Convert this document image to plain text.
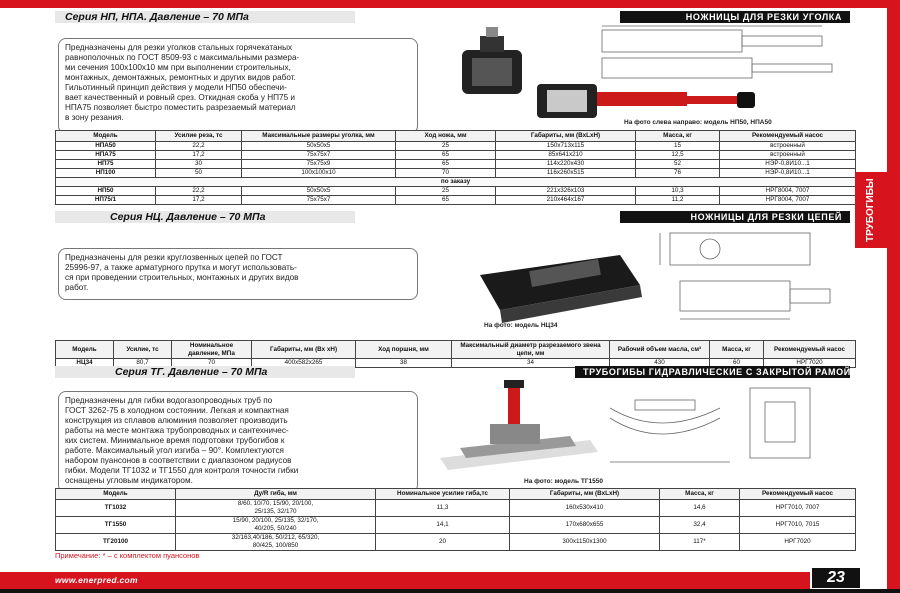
Серия НП, НПА. Давление – 70 МПа	НОЖНИЦЫ ДЛЯ РЕЗКИ УГОЛКА
Предназначены для резки уголков стальных горячекатаных
равнополочных по ГОСТ 8509-93 с максимальными размера-
ми сечения 100х100х10 мм при выполнении строительных,
монтажных, демонтажных, ремонтных и других видов работ.
Гильотинный принцип действия у модели НП50 обеспечи-
вает качественный и ровный срез. Откидная скоба у НП75 и
НПА75 позволяет быстро поместить разрезаемый материал
в зону резания.
На фото слева направо: модель НП50, НПА50
Модель	Усилие реза, тс	Максимальные размеры уголка, мм	Ход ножа, мм	Габариты, мм (ВхLхН)	Масса, кг	Рекомендуемый насос
НПА50	22,2	50х50х5	25	150х713х115	15	встроенный
НПА75	17,2	75х75х7	65	85х641х210	12,5	встроенный
НП75	30	75х75х9	65	114х220х430	52	НЭР-0,8И10...1
НП100	50	100х100х10	70	116х260х515	76	НЭР-0,8И10...1
по заказу						
НП50	22,2	50х50х5	25	221х326х103	10,3	НРГ8004, 7007
НП75/1	17,2	75х75х7	65	210х464х167	11,2	НРГ8004, 7007
Серия НЦ. Давление – 70 МПа	НОЖНИЦЫ ДЛЯ РЕЗКИ ЦЕПЕЙ
Предназначены для резки круглозвенных цепей по ГОСТ
25996-97, а также арматурного прутка и могут использовать-
ся при проведении строительных, монтажных и других видов
работ.
На фото: модель НЦ34
Модель	Усилие, тс	Номинальное давление, МПа	Габариты, мм (Вх хН)	Ход поршня, мм	Максимальный диаметр разрезаемого звена цепи, мм	Рабочий объем масла, см³	Масса, кг	Рекомендуемый насос
НЦ34	80,7	70	400х582х265	38	34	430	60	НРГ7020
Серия ТГ. Давление – 70 МПа	ТРУБОГИБЫ ГИДРАВЛИЧЕСКИЕ С ЗАКРЫТОЙ РАМОЙ
Предназначены для гибки водогазопроводных труб по
ГОСТ 3262-75 в холодном состоянии. Легкая и компактная
конструкция из сплавов алюминия позволяет производить
работы на месте монтажа трубопроводных и сантехничес-
ких систем. Минимальное время подготовки трубогибов к
работе. Максимальный угол изгиба – 90°. Комплектуются
набором пуансонов в соответствии с диапазоном радиусов
гибки. Модели ТГ1032 и ТГ1550 для контроля точности гибки
оснащены угловым индикатором.	На фото: модель ТГ1550
Модель	Ду/R гиба, мм	Номинальное усилие гиба,тс	Габариты, мм (ВхLхН)	Масса, кг	Рекомендуемый насос
ТГ1032	8/60, 10/70, 15/90, 20/100,
25/135, 32/170	11,3	160х530х410	14,6	НРГ7010, 7007
ТГ1550	15/90, 20/100, 25/135, 32/170,
40/205, 50/240	14,1	170х680х655	32,4	НРГ7010, 7015
ТГ20100	32/163,40/186, 50/212, 65/320,
80/425, 100/850	20	300х1150х1300	117*	НРГ7020
Примечание: * – с комплектом пуансонов
ТРУБОГИБЫ
www.enerpred.com	23
